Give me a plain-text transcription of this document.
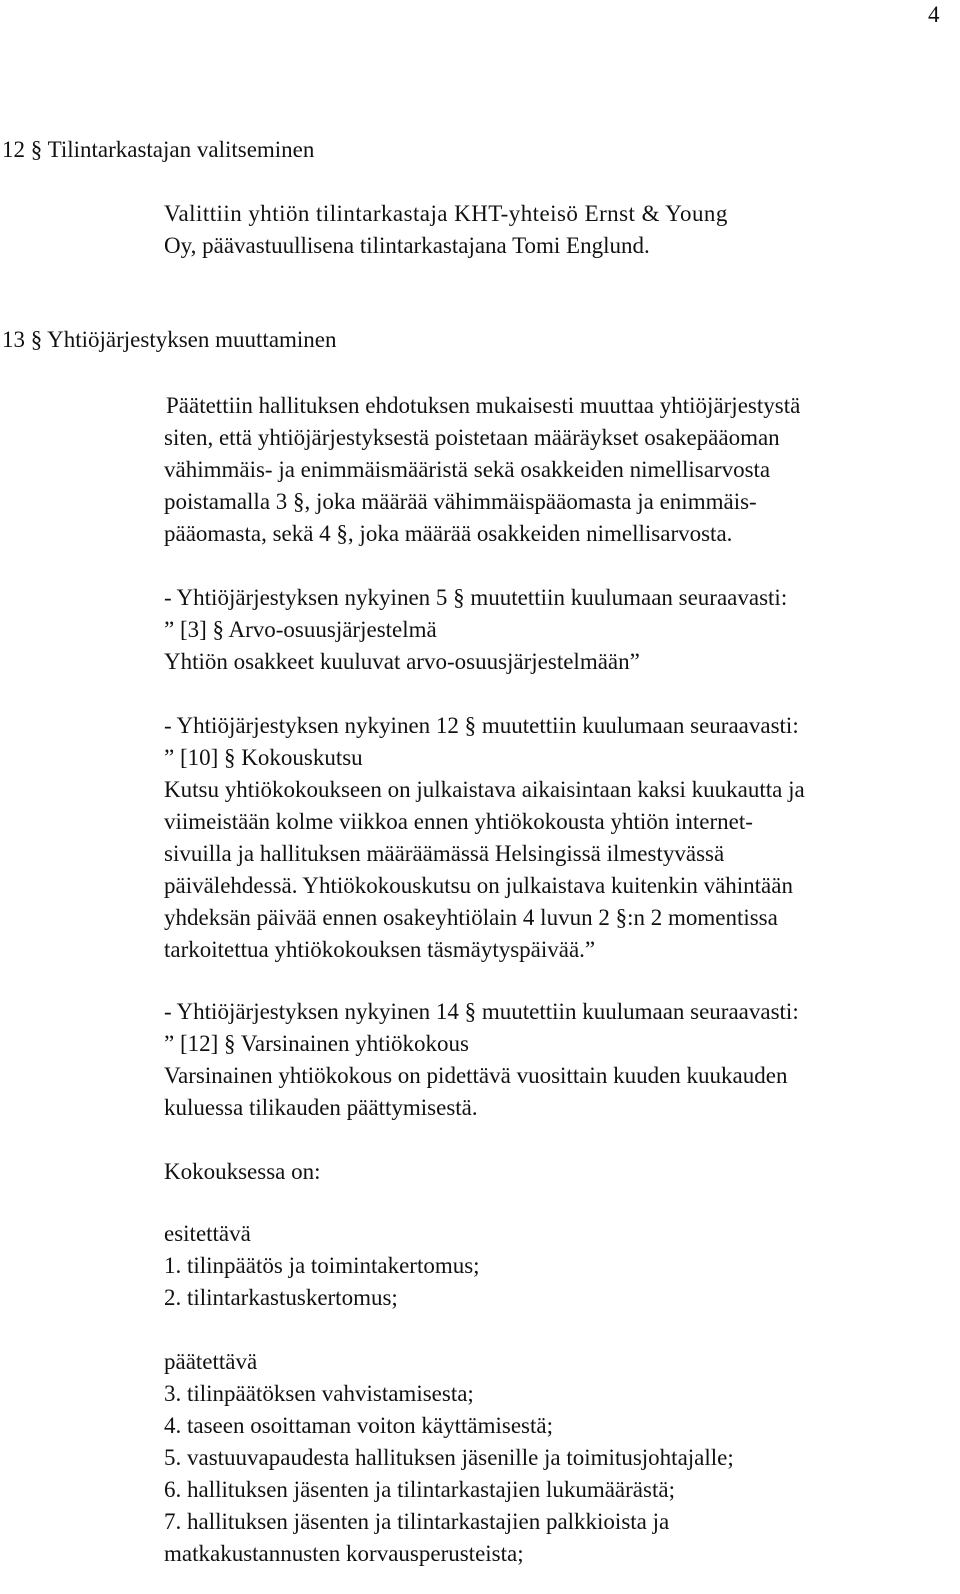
4
12 § Tilintarkastajan valitseminen
Valittiin yhtiön tilintarkastaja KHT-yhteisö Ernst & Young
Oy, päävastuullisena tilintarkastajana Tomi Englund.
13 § Yhtiöjärjestyksen muuttaminen
Päätettiin hallituksen ehdotuksen mukaisesti muuttaa yhtiöjärjestystä
siten, että yhtiöjärjestyksestä poistetaan määräykset osakepääoman
vähimmäis- ja enimmäismääristä sekä osakkeiden nimellisarvosta
poistamalla 3 §, joka määrää vähimmäispääomasta ja enimmäis-
pääomasta, sekä 4 §, joka määrää osakkeiden nimellisarvosta.
- Yhtiöjärjestyksen nykyinen 5 § muutettiin kuulumaan seuraavasti:
” [3] § Arvo-osuusjärjestelmä
Yhtiön osakkeet kuuluvat arvo-osuusjärjestelmään”
- Yhtiöjärjestyksen nykyinen 12 § muutettiin kuulumaan seuraavasti:
” [10] § Kokouskutsu
Kutsu yhtiökokoukseen on julkaistava aikaisintaan kaksi kuukautta ja
viimeistään kolme viikkoa ennen yhtiökokousta yhtiön internet-
sivuilla ja hallituksen määräämässä Helsingissä ilmestyvässä
päivälehdessä. Yhtiökokouskutsu on julkaistava kuitenkin vähintään
yhdeksän päivää ennen osakeyhtiölain 4 luvun 2 §:n 2 momentissa
tarkoitettua yhtiökokouksen täsmäytyspäivää.”
- Yhtiöjärjestyksen nykyinen 14 § muutettiin kuulumaan seuraavasti:
” [12] § Varsinainen yhtiökokous
Varsinainen yhtiökokous on pidettävä vuosittain kuuden kuukauden
kuluessa tilikauden päättymisestä.
Kokouksessa on:
esitettävä
1. tilinpäätös ja toimintakertomus;
2. tilintarkastuskertomus;
päätettävä
3. tilinpäätöksen vahvistamisesta;
4. taseen osoittaman voiton käyttämisestä;
5. vastuuvapaudesta hallituksen jäsenille ja toimitusjohtajalle;
6. hallituksen jäsenten ja tilintarkastajien lukumäärästä;
7. hallituksen jäsenten ja tilintarkastajien palkkioista ja
matkakustannusten korvausperusteista;
